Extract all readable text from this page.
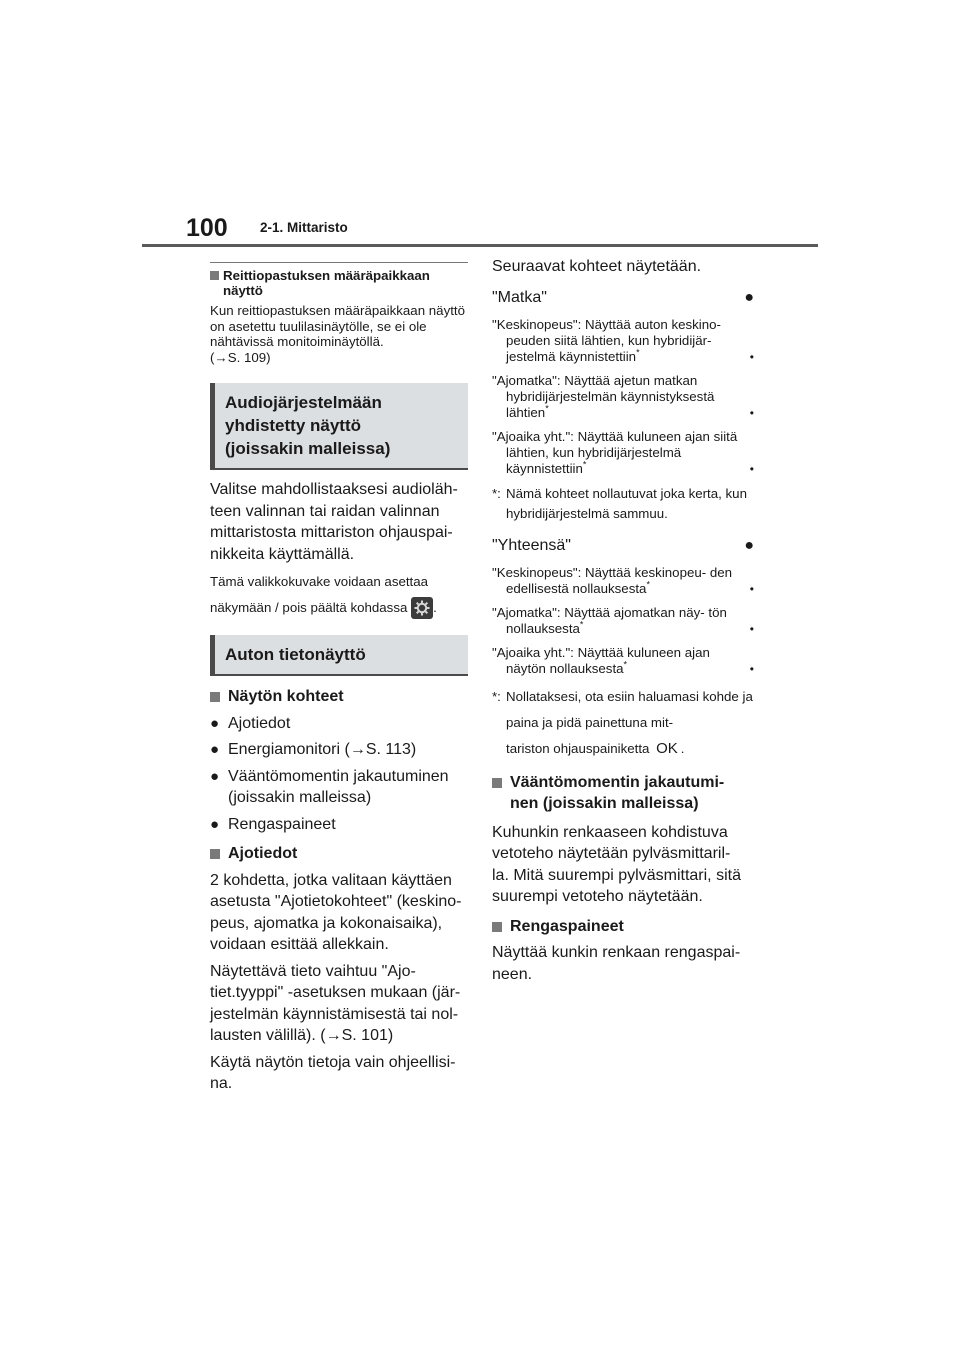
100 2-1. Mittaristo
Reittiopastuksen määräpaikkaan näyttö
Kun reittiopastuksen määräpaikkaan näyttö on asetettu tuulilasinäytölle, se ei ole nähtävissä monitoiminäytöllä.
(→S. 109)
Audiojärjestelmään
yhdistetty näyttö
(joissakin malleissa)
Valitse mahdollistaaksesi audioläh- teen valinnan tai raidan valinnan mittaristosta mittariston ohjauspai- nikkeita käyttämällä.
Tämä valikkokuvake voidaan asettaa
näkymään / pois päältä kohdassa .
Auton tietonäyttö
Näytön kohteet
● Ajotiedot
● Energiamonitori (→S. 113)
● Vääntömomentin jakautuminen (joissakin malleissa)
● Rengaspaineet
Ajotiedot
2 kohdetta, jotka valitaan käyttäen asetusta "Ajotietokohteet" (keskino- peus, ajomatka ja kokonaisaika), voidaan esittää allekkain.
Näytettävä tieto vaihtuu "Ajo- tiet.tyyppi" -asetuksen mukaan (jär- jestelmän käynnistämisestä tai nol- lausten välillä). (→S. 101)
Käytä näytön tietoja vain ohjeellisi- na.
Seuraavat kohteet näytetään.
"Matka"	●
"Keskinopeus": Näyttää auton keskino- peuden siitä lähtien, kun hybridijär- jestelmä käynnistettiin*	•
"Ajomatka": Näyttää ajetun matkan hybridijärjestelmän käynnistyksestä lähtien*	•
"Ajoaika yht.": Näyttää kuluneen ajan siitä lähtien, kun hybridijärjestelmä käynnistettiin*	•
*: Nämä kohteet nollautuvat joka kerta, kun hybridijärjestelmä sammuu.
"Yhteensä"	●
"Keskinopeus": Näyttää keskinopeu- den edellisestä nollauksesta*	•
"Ajomatka": Näyttää ajomatkan näy- tön nollauksesta*	•
"Ajoaika yht.": Näyttää kuluneen ajan näytön nollauksesta*	•
*: Nollataksesi, ota esiin haluamasi kohde ja paina ja pidä painettuna mit-
tariston ohjauspainiketta OK .
Vääntömomentin jakautumi- nen (joissakin malleissa)
Kuhunkin renkaaseen kohdistuva vetoteho näytetään pylväsmittaril- la. Mitä suurempi pylväsmittari, sitä suurempi vetoteho näytetään.
Rengaspaineet
Näyttää kunkin renkaan rengaspai- neen.
